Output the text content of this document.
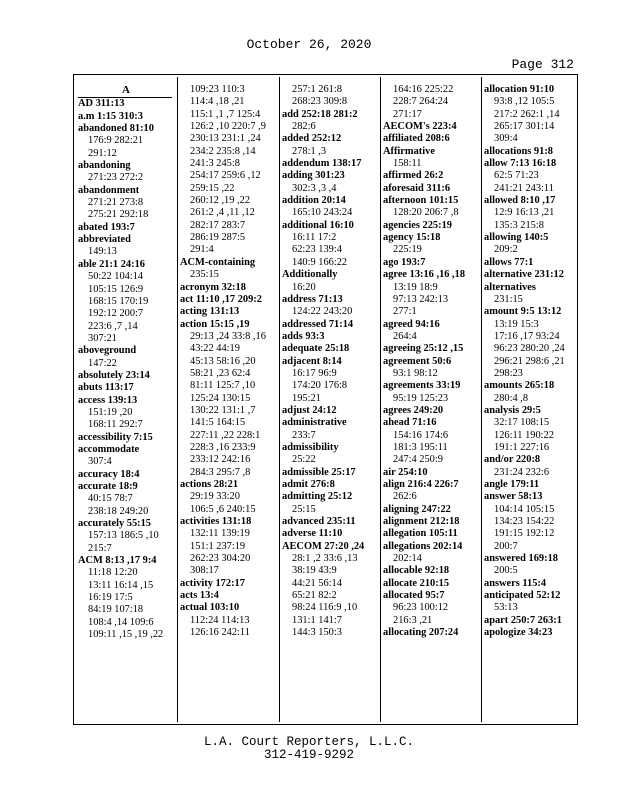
October 26, 2020
Page 312
A
AD 311:13
a.m 1:15 310:3
abandoned 81:10
176:9 282:21
291:12
abandoning
271:23 272:2
abandonment
271:21 273:8
275:21 292:18
abated 193:7
abbreviated
149:13
able 21:1 24:16
50:22 104:14
105:15 126:9
168:15 170:19
192:12 200:7
223:6 ,7 ,14
307:21
aboveground
147:22
absolutely 23:14
abuts 113:17
access 139:13
151:19 ,20
168:11 292:7
accessibility 7:15
accommodate
307:4
accuracy 18:4
accurate 18:9
40:15 78:7
238:18 249:20
accurately 55:15
157:13 186:5 ,10
215:7
ACM 8:13 ,17 9:4
11:18 12:20
13:11 16:14 ,15
16:19 17:5
84:19 107:18
108:4 ,14 109:6
109:11 ,15 ,19 ,22
109:23 110:3
114:4 ,18 ,21
115:1 ,1 ,7 125:4
126:2 ,10 220:7 ,9
230:13 231:1 ,24
234:2 235:8 ,14
241:3 245:8
254:17 259:6 ,12
259:15 ,22
260:12 ,19 ,22
261:2 ,4 ,11 ,12
282:17 283:7
286:19 287:5
291:4
ACM-containing
235:15
acronym 32:18
act 11:10 ,17 209:2
acting 131:13
action 15:15 ,19
29:13 ,24 33:8 ,16
43:22 44:19
45:13 58:16 ,20
58:21 ,23 62:4
81:11 125:7 ,10
125:24 130:15
130:22 131:1 ,7
141:5 164:15
227:11 ,22 228:1
228:3 ,16 233:9
233:12 242:16
284:3 295:7 ,8
actions 28:21
29:19 33:20
106:5 ,6 240:15
activities 131:18
132:11 139:19
151:1 237:19
262:23 304:20
308:17
activity 172:17
acts 13:4
actual 103:10
112:24 114:13
126:16 242:11
257:1 261:8
268:23 309:8
add 252:18 281:2
282:6
added 252:12
278:1 ,3
addendum 138:17
adding 301:23
302:3 ,3 ,4
addition 20:14
165:10 243:24
additional 16:10
16:11 17:2
62:23 139:4
140:9 166:22
Additionally
16:20
address 71:13
124:22 243:20
addressed 71:14
adds 93:3
adequate 25:18
adjacent 8:14
16:17 96:9
174:20 176:8
195:21
adjust 24:12
administrative
233:7
admissibility
25:22
admissible 25:17
admit 276:8
admitting 25:12
25:15
advanced 235:11
adverse 11:10
AECOM 27:20 ,24
28:1 ,2 33:6 ,13
38:19 43:9
44:21 56:14
65:21 82:2
98:24 116:9 ,10
131:1 141:7
144:3 150:3
164:16 225:22
228:7 264:24
271:17
AECOM's 223:4
affiliated 208:6
Affirmative
158:11
affirmed 26:2
aforesaid 311:6
afternoon 101:15
128:20 206:7 ,8
agencies 225:19
agency 15:18
225:19
ago 193:7
agree 13:16 ,16 ,18
13:19 18:9
97:13 242:13
277:1
agreed 94:16
264:4
agreeing 25:12 ,15
agreement 50:6
93:1 98:12
agreements 33:19
95:19 125:23
agrees 249:20
ahead 71:16
154:16 174:6
181:3 195:11
247:4 250:9
air 254:10
align 216:4 226:7
262:6
aligning 247:22
alignment 212:18
allegation 105:11
allegations 202:14
202:14
allocable 92:18
allocate 210:15
allocated 95:7
96:23 100:12
216:3 ,21
allocating 207:24
allocation 91:10
93:8 ,12 105:5
217:2 262:1 ,14
265:17 301:14
309:4
allocations 91:8
allow 7:13 16:18
62:5 71:23
241:21 243:11
allowed 8:10 ,17
12:9 16:13 ,21
135:3 215:8
allowing 140:5
209:2
allows 77:1
alternative 231:12
alternatives
231:15
amount 9:5 13:12
13:19 15:3
17:16 ,17 93:24
96:23 280:20 ,24
296:21 298:6 ,21
298:23
amounts 265:18
280:4 ,8
analysis 29:5
32:17 108:15
126:11 190:22
191:1 227:16
and/or 220:8
231:24 232:6
angle 179:11
answer 58:13
104:14 105:15
134:23 154:22
191:15 192:12
200:7
answered 169:18
200:5
answers 115:4
anticipated 52:12
53:13
apart 250:7 263:1
apologize 34:23
L.A. Court Reporters, L.L.C.
312-419-9292
